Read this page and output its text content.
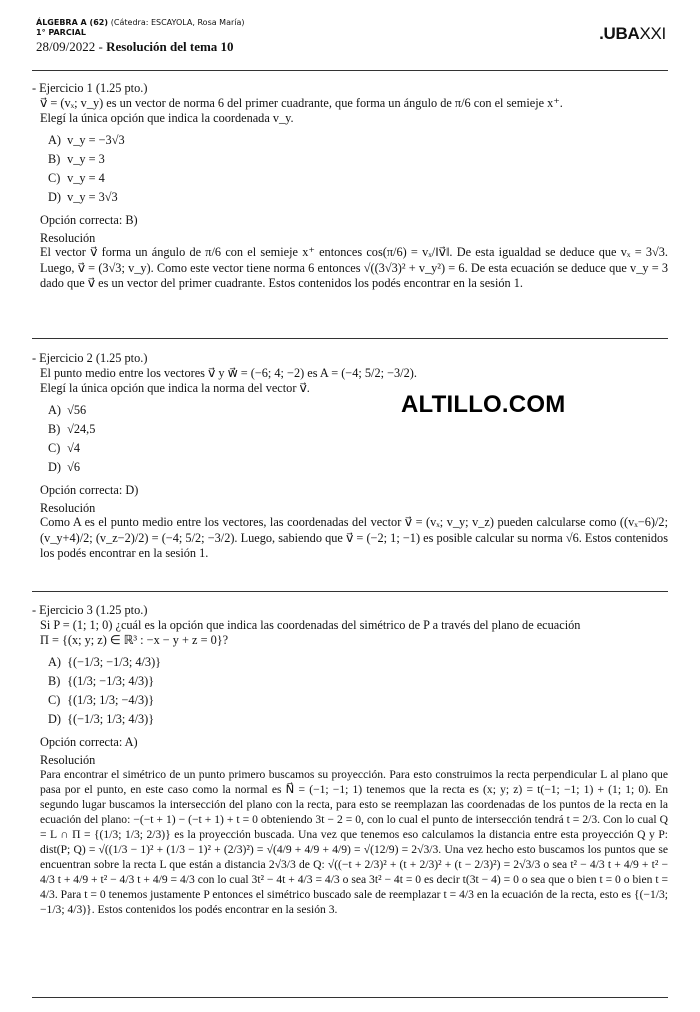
ÁLGEBRA A (62) (Cátedra: ESCAYOLA, Rosa María)
1° PARCIAL
28/09/2022 - Resolución del tema 10
.UBAXXI
- Ejercicio 1 (1.25 pto.)
v⃗ = (vₓ; v_y) es un vector de norma 6 del primer cuadrante, que forma un ángulo de π/6 con el semieje x⁺.
Elegí la única opción que indica la coordenada v_y.
A) v_y = −3√3
B) v_y = 3
C) v_y = 4
D) v_y = 3√3
Opción correcta: B)
Resolución
El vector v⃗ forma un ángulo de π/6 con el semieje x⁺ entonces cos(π/6) = vₓ/‖v⃗‖. De esta igualdad se deduce que vₓ = 3√3. Luego, v⃗ = (3√3; v_y). Como este vector tiene norma 6 entonces √((3√3)² + v_y²) = 6. De esta ecuación se deduce que v_y = 3 dado que v⃗ es un vector del primer cuadrante. Estos contenidos los podés encontrar en la sesión 1.
- Ejercicio 2 (1.25 pto.)
El punto medio entre los vectores v⃗ y w⃗ = (−6; 4; −2) es A = (−4; 5/2; −3/2).
Elegí la única opción que indica la norma del vector v⃗.
A) √56
B) √24,5
C) √4
D) √6
Opción correcta: D)
Resolución
Como A es el punto medio entre los vectores, las coordenadas del vector v⃗ = (vₓ; v_y; v_z) pueden calcularse como ((vₓ−6)/2; (v_y+4)/2; (v_z−2)/2) = (−4; 5/2; −3/2). Luego, sabiendo que v⃗ = (−2; 1; −1) es posible calcular su norma √6. Estos contenidos los podés encontrar en la sesión 1.
- Ejercicio 3 (1.25 pto.)
Si P = (1; 1; 0) ¿cuál es la opción que indica las coordenadas del simétrico de P a través del plano de ecuación
Π = {(x; y; z) ∈ ℝ³ : −x − y + z = 0}?
A) {(−1/3; −1/3; 4/3)}
B) {(1/3; −1/3; 4/3)}
C) {(1/3; 1/3; −4/3)}
D) {(−1/3; 1/3; 4/3)}
Opción correcta: A)
Resolución
Para encontrar el simétrico de un punto primero buscamos su proyección. Para esto construimos la recta perpendicular L al plano que pasa por el punto, en este caso como la normal es N⃗ = (−1; −1; 1) tenemos que la recta es (x; y; z) = t(−1; −1; 1) + (1; 1; 0). En segundo lugar buscamos la intersección del plano con la recta, para esto se reemplazan las coordenadas de los puntos de la recta en la ecuación del plano: −(−t + 1) − (−t + 1) + t = 0 obteniendo 3t − 2 = 0, con lo cual el punto de intersección tendrá t = 2/3. Con lo cual Q = L ∩ Π = {(1/3; 1/3; 2/3)} es la proyección buscada. Una vez que tenemos eso calculamos la distancia entre esta proyección Q y P: dist(P; Q) = √((1/3 − 1)² + (1/3 − 1)² + (2/3)²) = √(4/9 + 4/9 + 4/9) = √(12/9) = 2√3/3. Una vez hecho esto buscamos los puntos que se encuentran sobre la recta L que están a distancia 2√3/3 de Q: √((−t + 2/3)² + (t + 2/3)² + (t − 2/3)²) = 2√3/3 o sea t² − 4/3 t + 4/9 + t² − 4/3 t + 4/9 + t² − 4/3 t + 4/9 = 4/3 con lo cual 3t² − 4t + 4/3 = 4/3 o sea 3t² − 4t = 0 es decir t(3t − 4) = 0 o sea que o bien t = 0 o bien t = 4/3. Para t = 0 tenemos justamente P entonces el simétrico buscado sale de reemplazar t = 4/3 en la ecuación de la recta, esto es {(−1/3; −1/3; 4/3)}. Estos contenidos los podés encontrar en la sesión 3.
ALTILLO.COM
